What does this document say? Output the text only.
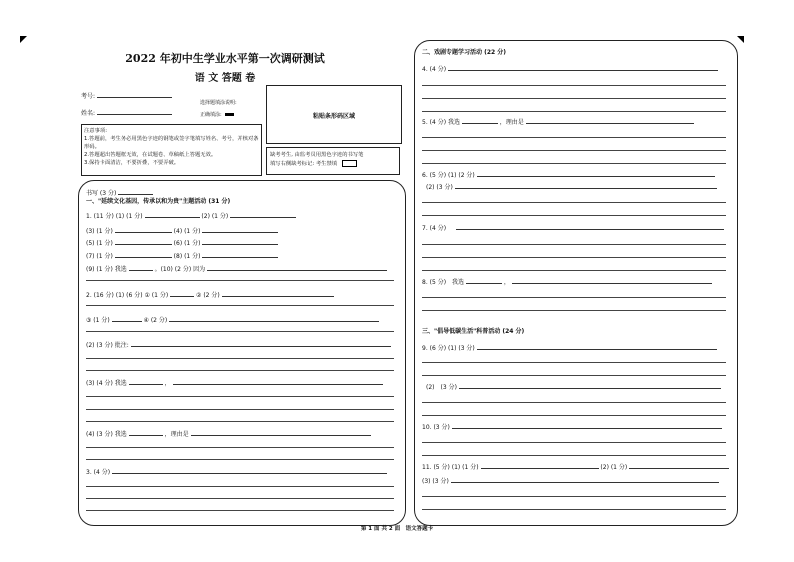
2022 年初中生学业水平第一次调研测试
语 文 答题 卷
考号:
姓名:
选择题填涂说明:
正确填涂:	粘贴条形码区域
注意事项:
1.答题前，考生务必用黑色字迹的钢笔或签字笔填写姓名、考号，并核对条形码。
2.答题超出答题框无效，在试题卷、草稿纸上答题无效。
3.保持卡面清洁，不要折叠，不要弄破。
缺考考生, 由监考员用黑色字迹的书写笔
填写右侧缺考标记: 考生禁填
书写 (3 分)
一、"延续文化基因，传承以和为贵"主题活动 (31 分)
1. (11 分) (1) (1 分)	(2) (1 分)
(3) (1 分)	(4) (1 分)
(5) (1 分)	(6) (1 分)
(7) (1 分)	(8) (1 分)
(9) (1 分) 我选	。(10) (2 分) 因为
2. (16 分) (1) (6 分) ① (1 分)	② (2 分)
③ (1 分)	④ (2 分)
(2) (3 分) 批注:
(3) (4 分) 我选	，
(4) (3 分) 我选	，理由是
3. (4 分)
二、戏剧专题学习活动 (22 分)
4. (4 分)
5. (4 分) 我选	，理由是
6. (5 分) (1) (2 分)
(2) (3 分)
7. (4 分)
8. (5 分)　我选	，
三、"倡导低碳生活"科普活动 (24 分)
9. (6 分) (1) (3 分)
(2)　(3 分)
10. (3 分)
11. (5 分) (1) (1 分)	(2) (1 分)
(3) (3 分)
第 1 面 共 2 面　语文答题卡
